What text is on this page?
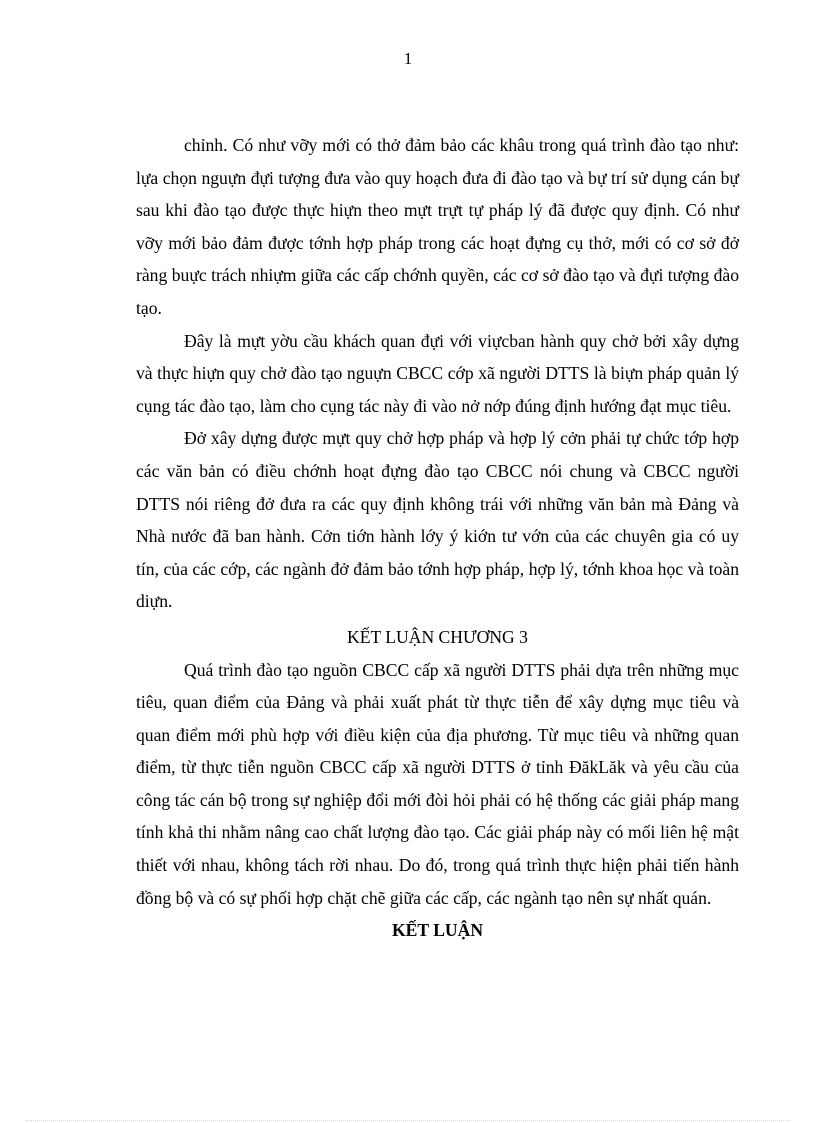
1

chỉnh. Có như vỡy mới có thở đảm bảo các khâu trong quá trình đào tạo như: lựa chọn nguựn đựi tượng đưa vào quy hoạch đưa đi đào tạo và bự trí sử dụng cán bự sau khi đào tạo được thực hiựn theo mựt trựt tự pháp lý đã được quy định. Có như vỡy mới bảo đảm được tớnh hợp pháp trong các hoạt đựng cụ thở, mới có cơ sở đở ràng buực trách nhiựm giữa các cấp chớnh quyền, các cơ sở đào tạo và đựi tượng đào tạo.

Đây là mựt yờu cầu khách quan đựi với viựcban hành quy chở bởi xây dựng và thực hiựn quy chở đào tạo nguựn CBCC cớp xã người DTTS là biựn pháp quản lý cụng tác đào tạo, làm cho cụng tác này đi vào nở nớp đúng định hướng đạt mục tiêu.

Đở xây dựng được mựt quy chở hợp pháp và hợp lý cởn phải tự chức tớp hợp các văn bản có điều chớnh hoạt đựng đào tạo CBCC nói chung và CBCC người DTTS nói riêng đở đưa ra các quy định không trái với những văn bản mà Đảng và Nhà nước đã ban hành. Cởn tiớn hành lớy ý kiớn tư vớn của các chuyên gia có uy tín, của các cớp, các ngành đở đảm bảo tớnh hợp pháp, hợp lý, tớnh khoa học và toàn diựn.

KẾT LUẬN CHƯƠNG 3

Quá trình đào tạo nguồn CBCC cấp xã người DTTS phải dựa trên những mục tiêu, quan điểm của Đảng và phải xuất phát từ thực tiễn để xây dựng mục tiêu và quan điểm mới phù hợp với điều kiện của địa phương. Từ mục tiêu và những quan điểm, từ thực tiễn nguồn CBCC cấp xã người DTTS ở tỉnh ĐăkLăk và yêu cầu của công tác cán bộ trong sự nghiệp đổi mới đòi hỏi phải có hệ thống các giải pháp mang tính khả thi nhằm nâng cao chất lượng đào tạo. Các giải pháp này có mối liên hệ mật thiết với nhau, không tách rời nhau. Do đó, trong quá trình thực hiện phải tiến hành đồng bộ và có sự phối hợp chặt chẽ giữa các cấp, các ngành tạo nên sự nhất quán.

KẾT LUẬN
